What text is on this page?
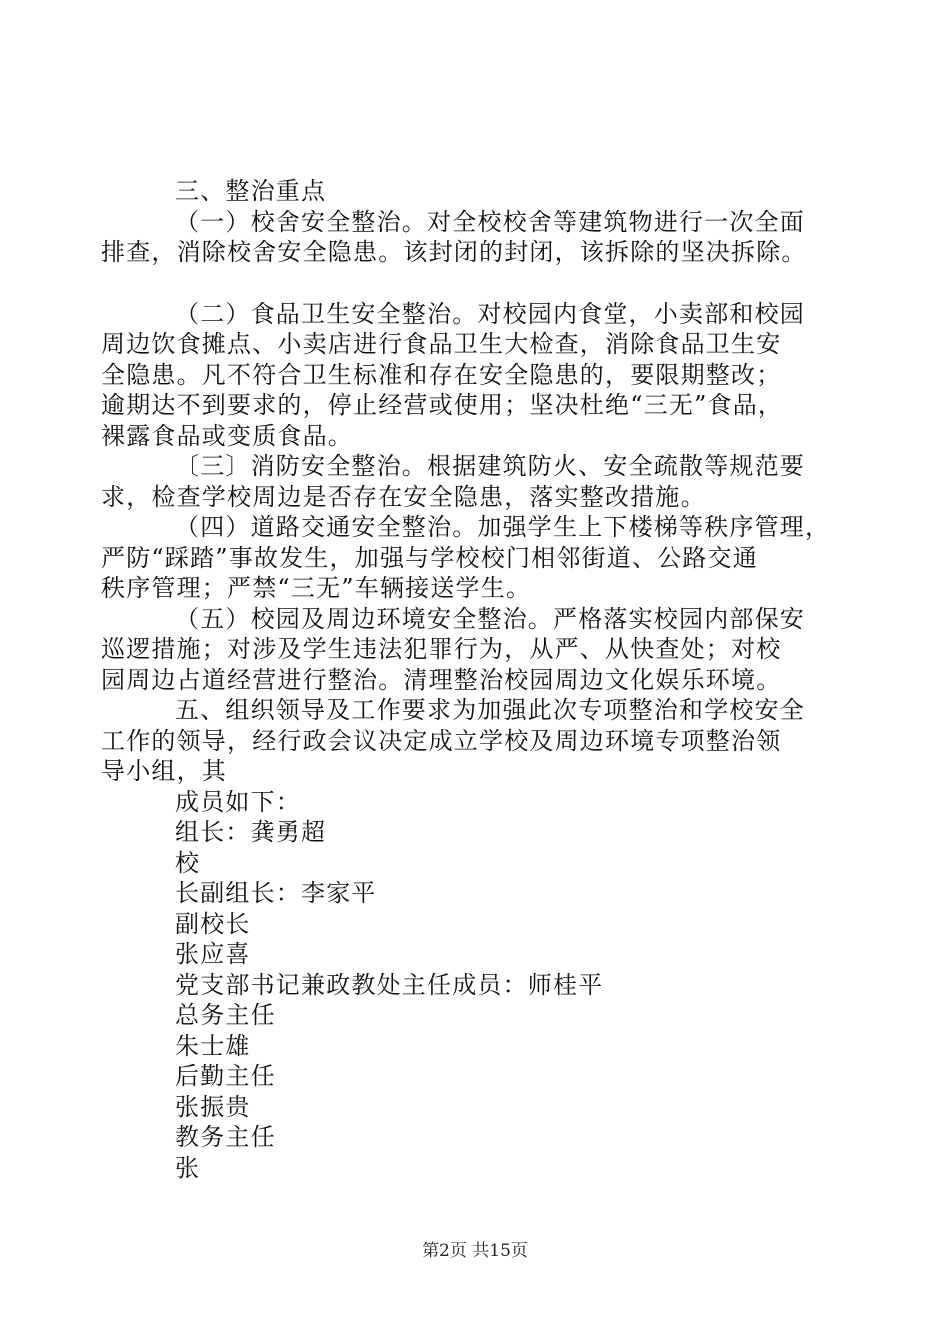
三、整治重点
（一）校舍安全整治。对全校校舍等建筑物进行一次全面
排查，消除校舍安全隐患。该封闭的封闭，该拆除的坚决拆除。
（二）食品卫生安全整治。对校园内食堂，小卖部和校园
周边饮食摊点、小卖店进行食品卫生大检查，消除食品卫生安
全隐患。凡不符合卫生标准和存在安全隐患的，要限期整改；
逾期达不到要求的，停止经营或使用；坚决杜绝“三无”食品，
裸露食品或变质食品。
〔三〕消防安全整治。根据建筑防火、安全疏散等规范要
求，检查学校周边是否存在安全隐患，落实整改措施。
（四）道路交通安全整治。加强学生上下楼梯等秩序管理，
严防“踩踏”事故发生，加强与学校校门相邻街道、公路交通
秩序管理；严禁“三无”车辆接送学生。
（五）校园及周边环境安全整治。严格落实校园内部保安
巡逻措施；对涉及学生违法犯罪行为，从严、从快查处；对校
园周边占道经营进行整治。清理整治校园周边文化娱乐环境。
五、组织领导及工作要求为加强此次专项整治和学校安全
工作的领导，经行政会议决定成立学校及周边环境专项整治领
导小组，其
成员如下：
组长：龚勇超
校
长副组长：李家平
副校长
张应喜
党支部书记兼政教处主任成员：师桂平
总务主任
朱士雄
后勤主任
张振贵
教务主任
张
第2页 共15页
